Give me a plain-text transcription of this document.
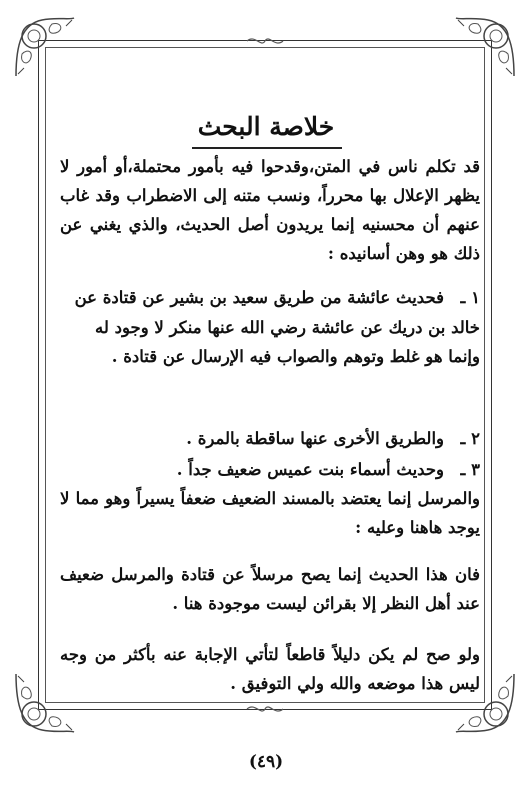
خلاصة البحث
قد تكلم ناس في المتن،وقدحوا فيه بأمور محتملة،أو أمور لا يظهر الإعلال بها محرراً، ونسب متنه إلى الاضطراب وقد غاب عنهم أن محسنيه إنما يريدون أصل الحديث، والذي يغني عن ذلك هو وهن أسانيده :
١ ـفحديث عائشة من طريق سعيد بن بشير عن قتادة عن خالد بن دريك عن عائشة رضي الله عنها منكر لا وجود له وإنما هو غلط وتوهم والصواب فيه الإرسال عن قتادة .
٢ ـوالطريق الأخرى عنها ساقطة بالمرة .
٣ ـوحديث أسماء بنت عميس ضعيف جداً .
والمرسل إنما يعتضد بالمسند الضعيف ضعفاً يسيراً وهو مما لا يوجد هاهنا وعليه :
فان هذا الحديث إنما يصح مرسلاً عن قتادة والمرسل ضعيف عند أهل النظر إلا بقرائن ليست موجودة هنا .
ولو صح لم يكن دليلاً قاطعاً لتأتي الإجابة عنه بأكثر من وجه ليس هذا موضعه والله ولي التوفيق .
(٤٩)
